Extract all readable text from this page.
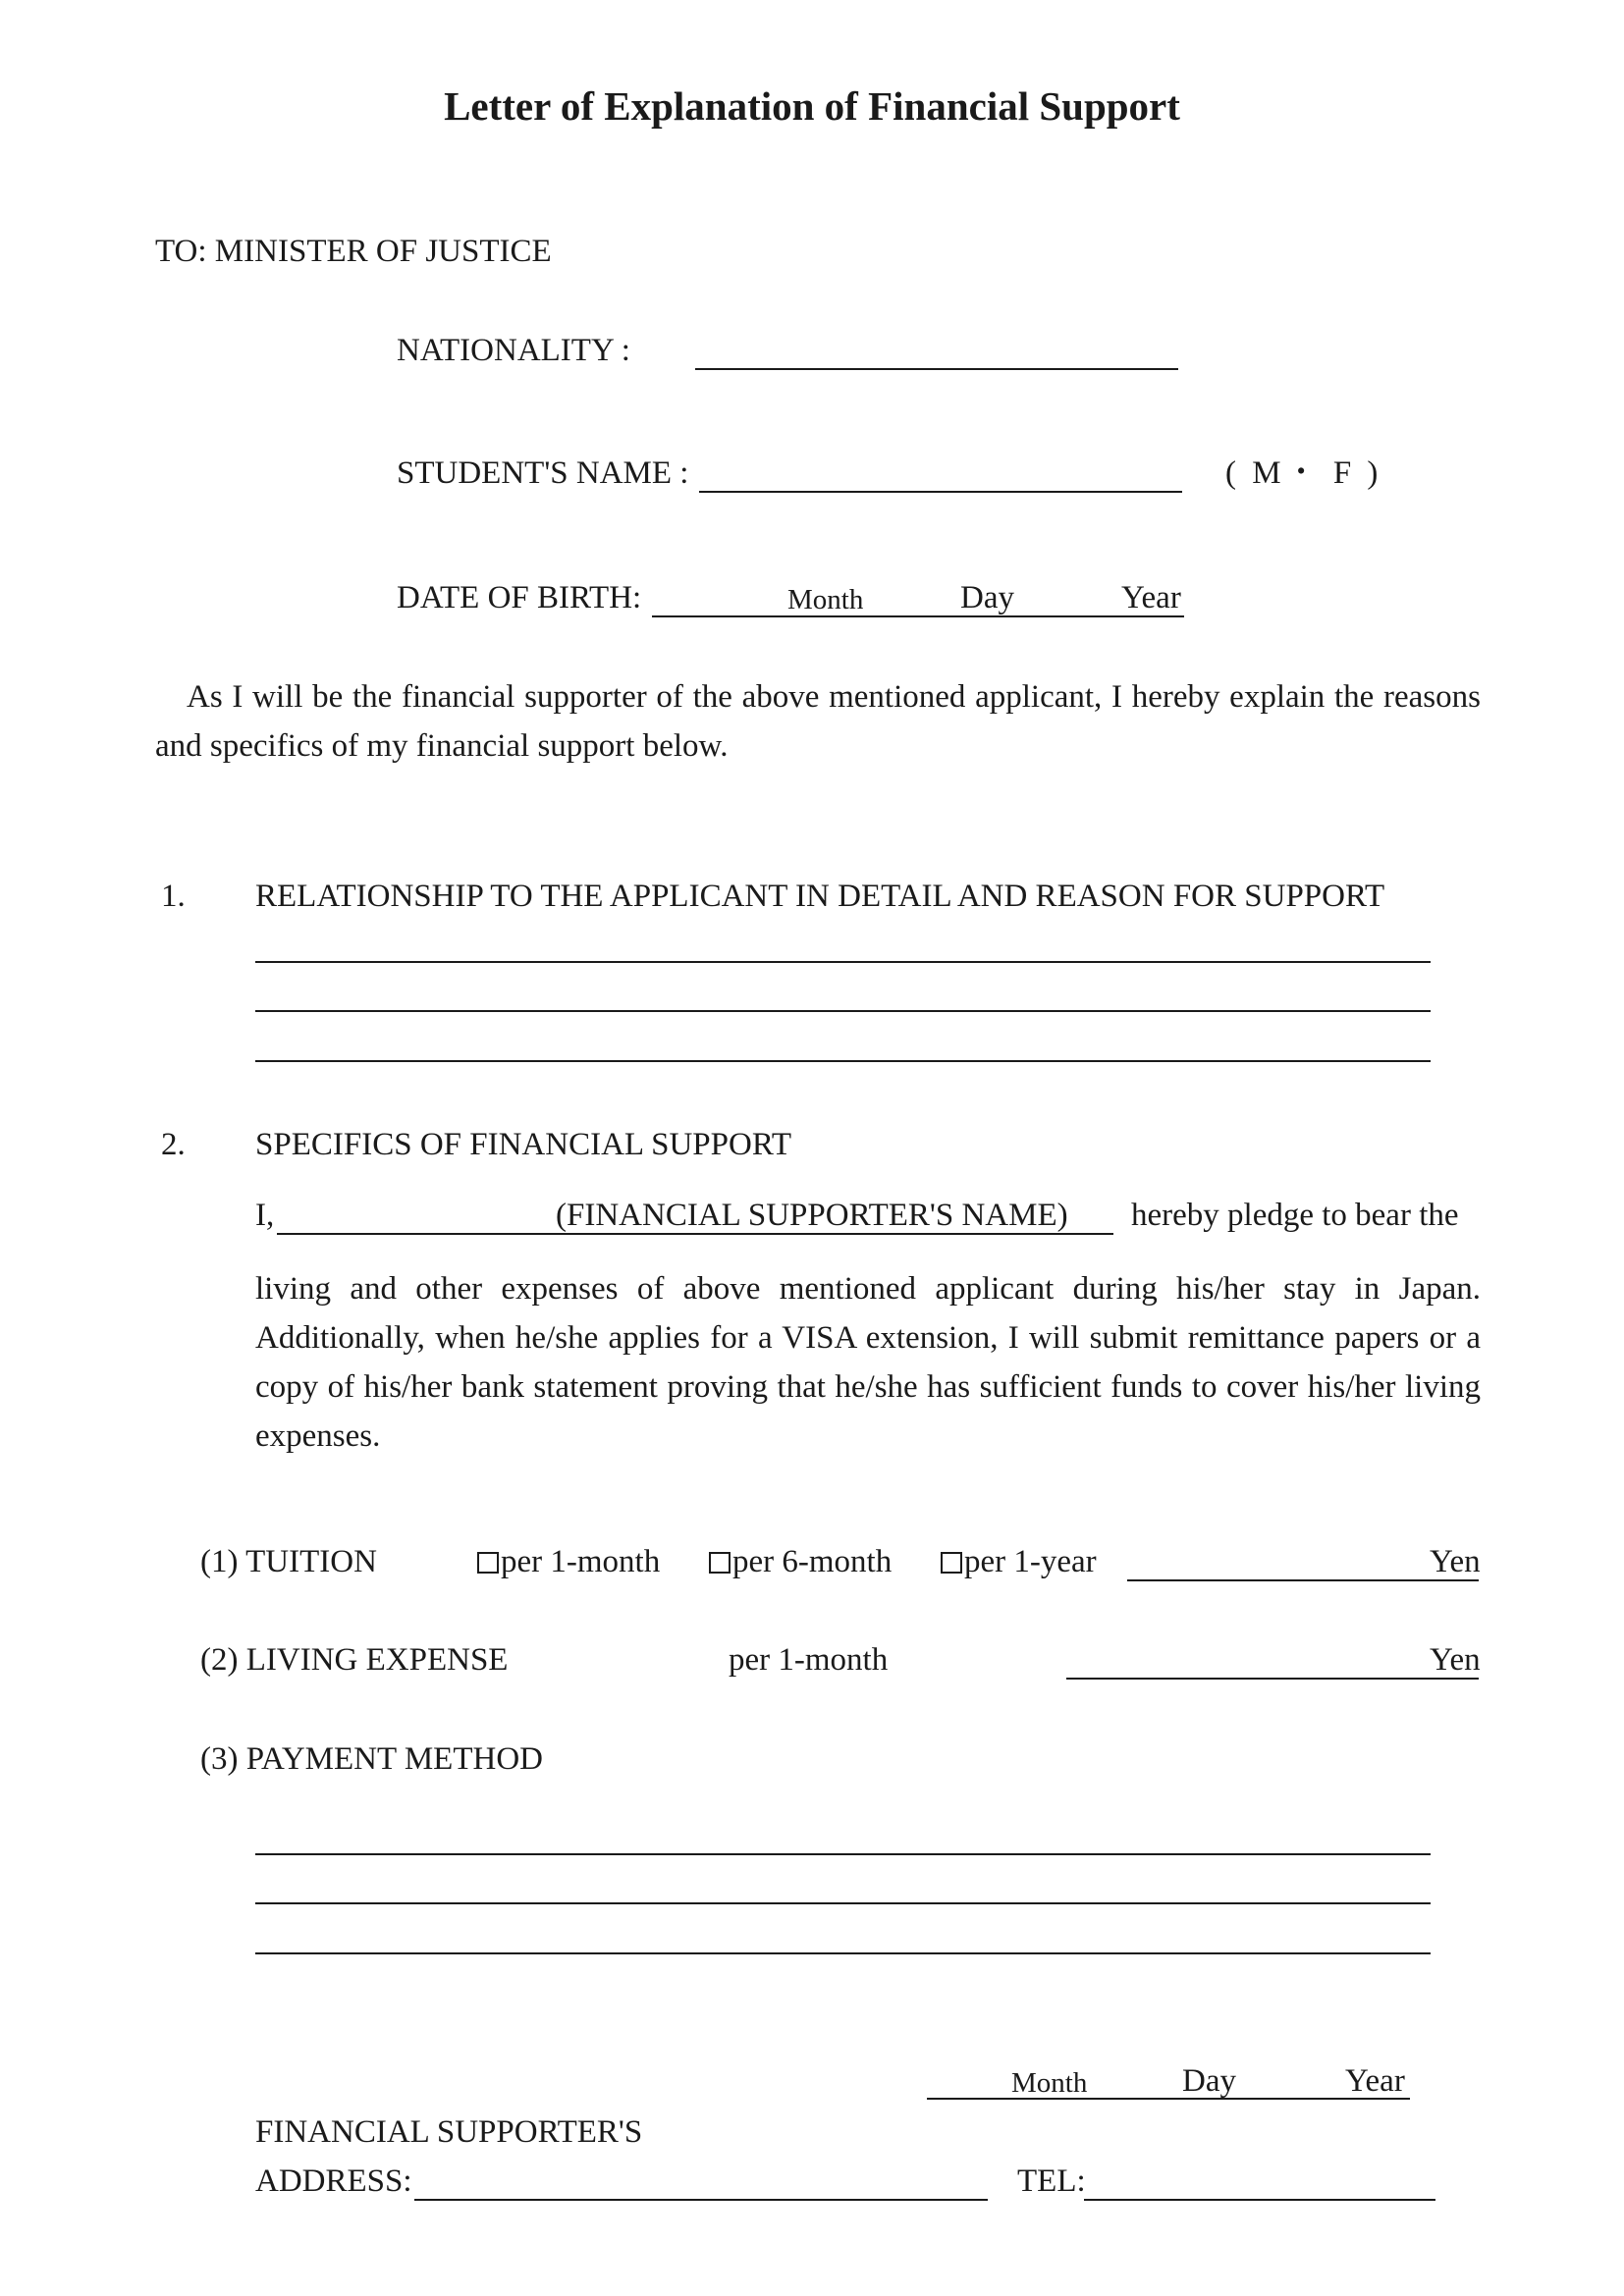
Letter of Explanation of Financial Support
TO: MINISTER OF JUSTICE
NATIONALITY :
STUDENT'S NAME :	( M・ F )
DATE OF BIRTH:	Month	Day	Year
As I will be the financial supporter of the above mentioned applicant, I hereby explain the reasons and specifics of my financial support below.
1. RELATIONSHIP TO THE APPLICANT IN DETAIL AND REASON FOR SUPPORT
2. SPECIFICS OF FINANCIAL SUPPORT
I,	(FINANCIAL SUPPORTER'S NAME) hereby pledge to bear the
living and other expenses of above mentioned applicant during his/her stay in Japan. Additionally, when he/she applies for a VISA extension, I will submit remittance papers or a copy of his/her bank statement proving that he/she has sufficient funds to cover his/her living expenses.
(1) TUITION	per 1-month	per 6-month	per 1-year	Yen
(2) LIVING EXPENSE	per 1-month	Yen
(3) PAYMENT METHOD
Month	Day	Year
FINANCIAL SUPPORTER'S
ADDRESS:	TEL:
